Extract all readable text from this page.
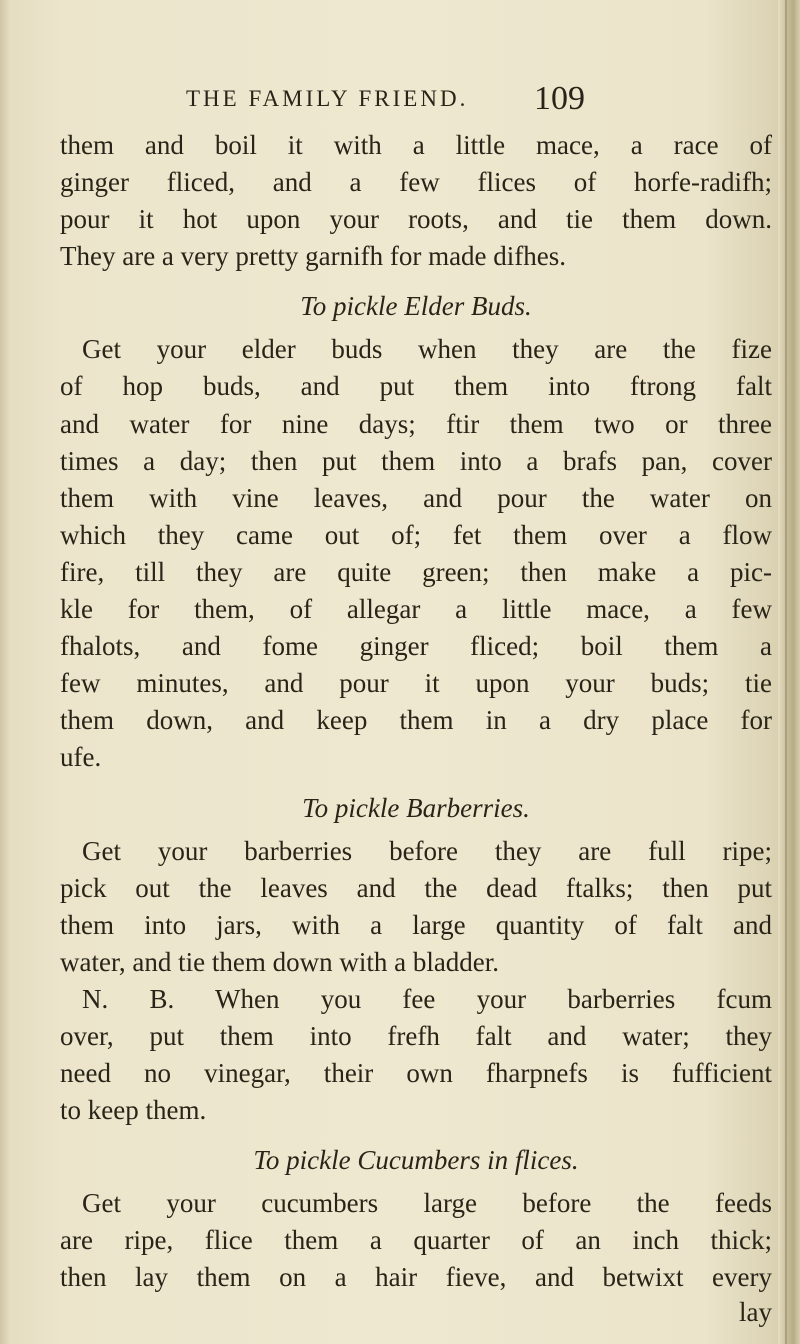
THE FAMILY FRIEND. 109
them and boil it with a little mace, a race of
ginger fliced, and a few flices of horfe-radifh;
pour it hot upon your roots, and tie them down.
They are a very pretty garnifh for made difhes.
To pickle Elder Buds.
Get your elder buds when they are the fize
of hop buds, and put them into ftrong falt
and water for nine days; ftir them two or three
times a day; then put them into a brafs pan, cover
them with vine leaves, and pour the water on
which they came out of; fet them over a flow
fire, till they are quite green; then make a pic-
kle for them, of allegar a little mace, a few
fhalots, and fome ginger fliced; boil them a
few minutes, and pour it upon your buds; tie
them down, and keep them in a dry place for
ufe.
To pickle Barberries.
Get your barberries before they are full ripe;
pick out the leaves and the dead ftalks; then put
them into jars, with a large quantity of falt and
water, and tie them down with a bladder.
N. B. When you fee your barberries fcum
over, put them into frefh falt and water; they
need no vinegar, their own fharpnefs is fufficient
to keep them.
To pickle Cucumbers in flices.
Get your cucumbers large before the feeds
are ripe, flice them a quarter of an inch thick;
then lay them on a hair fieve, and betwixt every
lay
